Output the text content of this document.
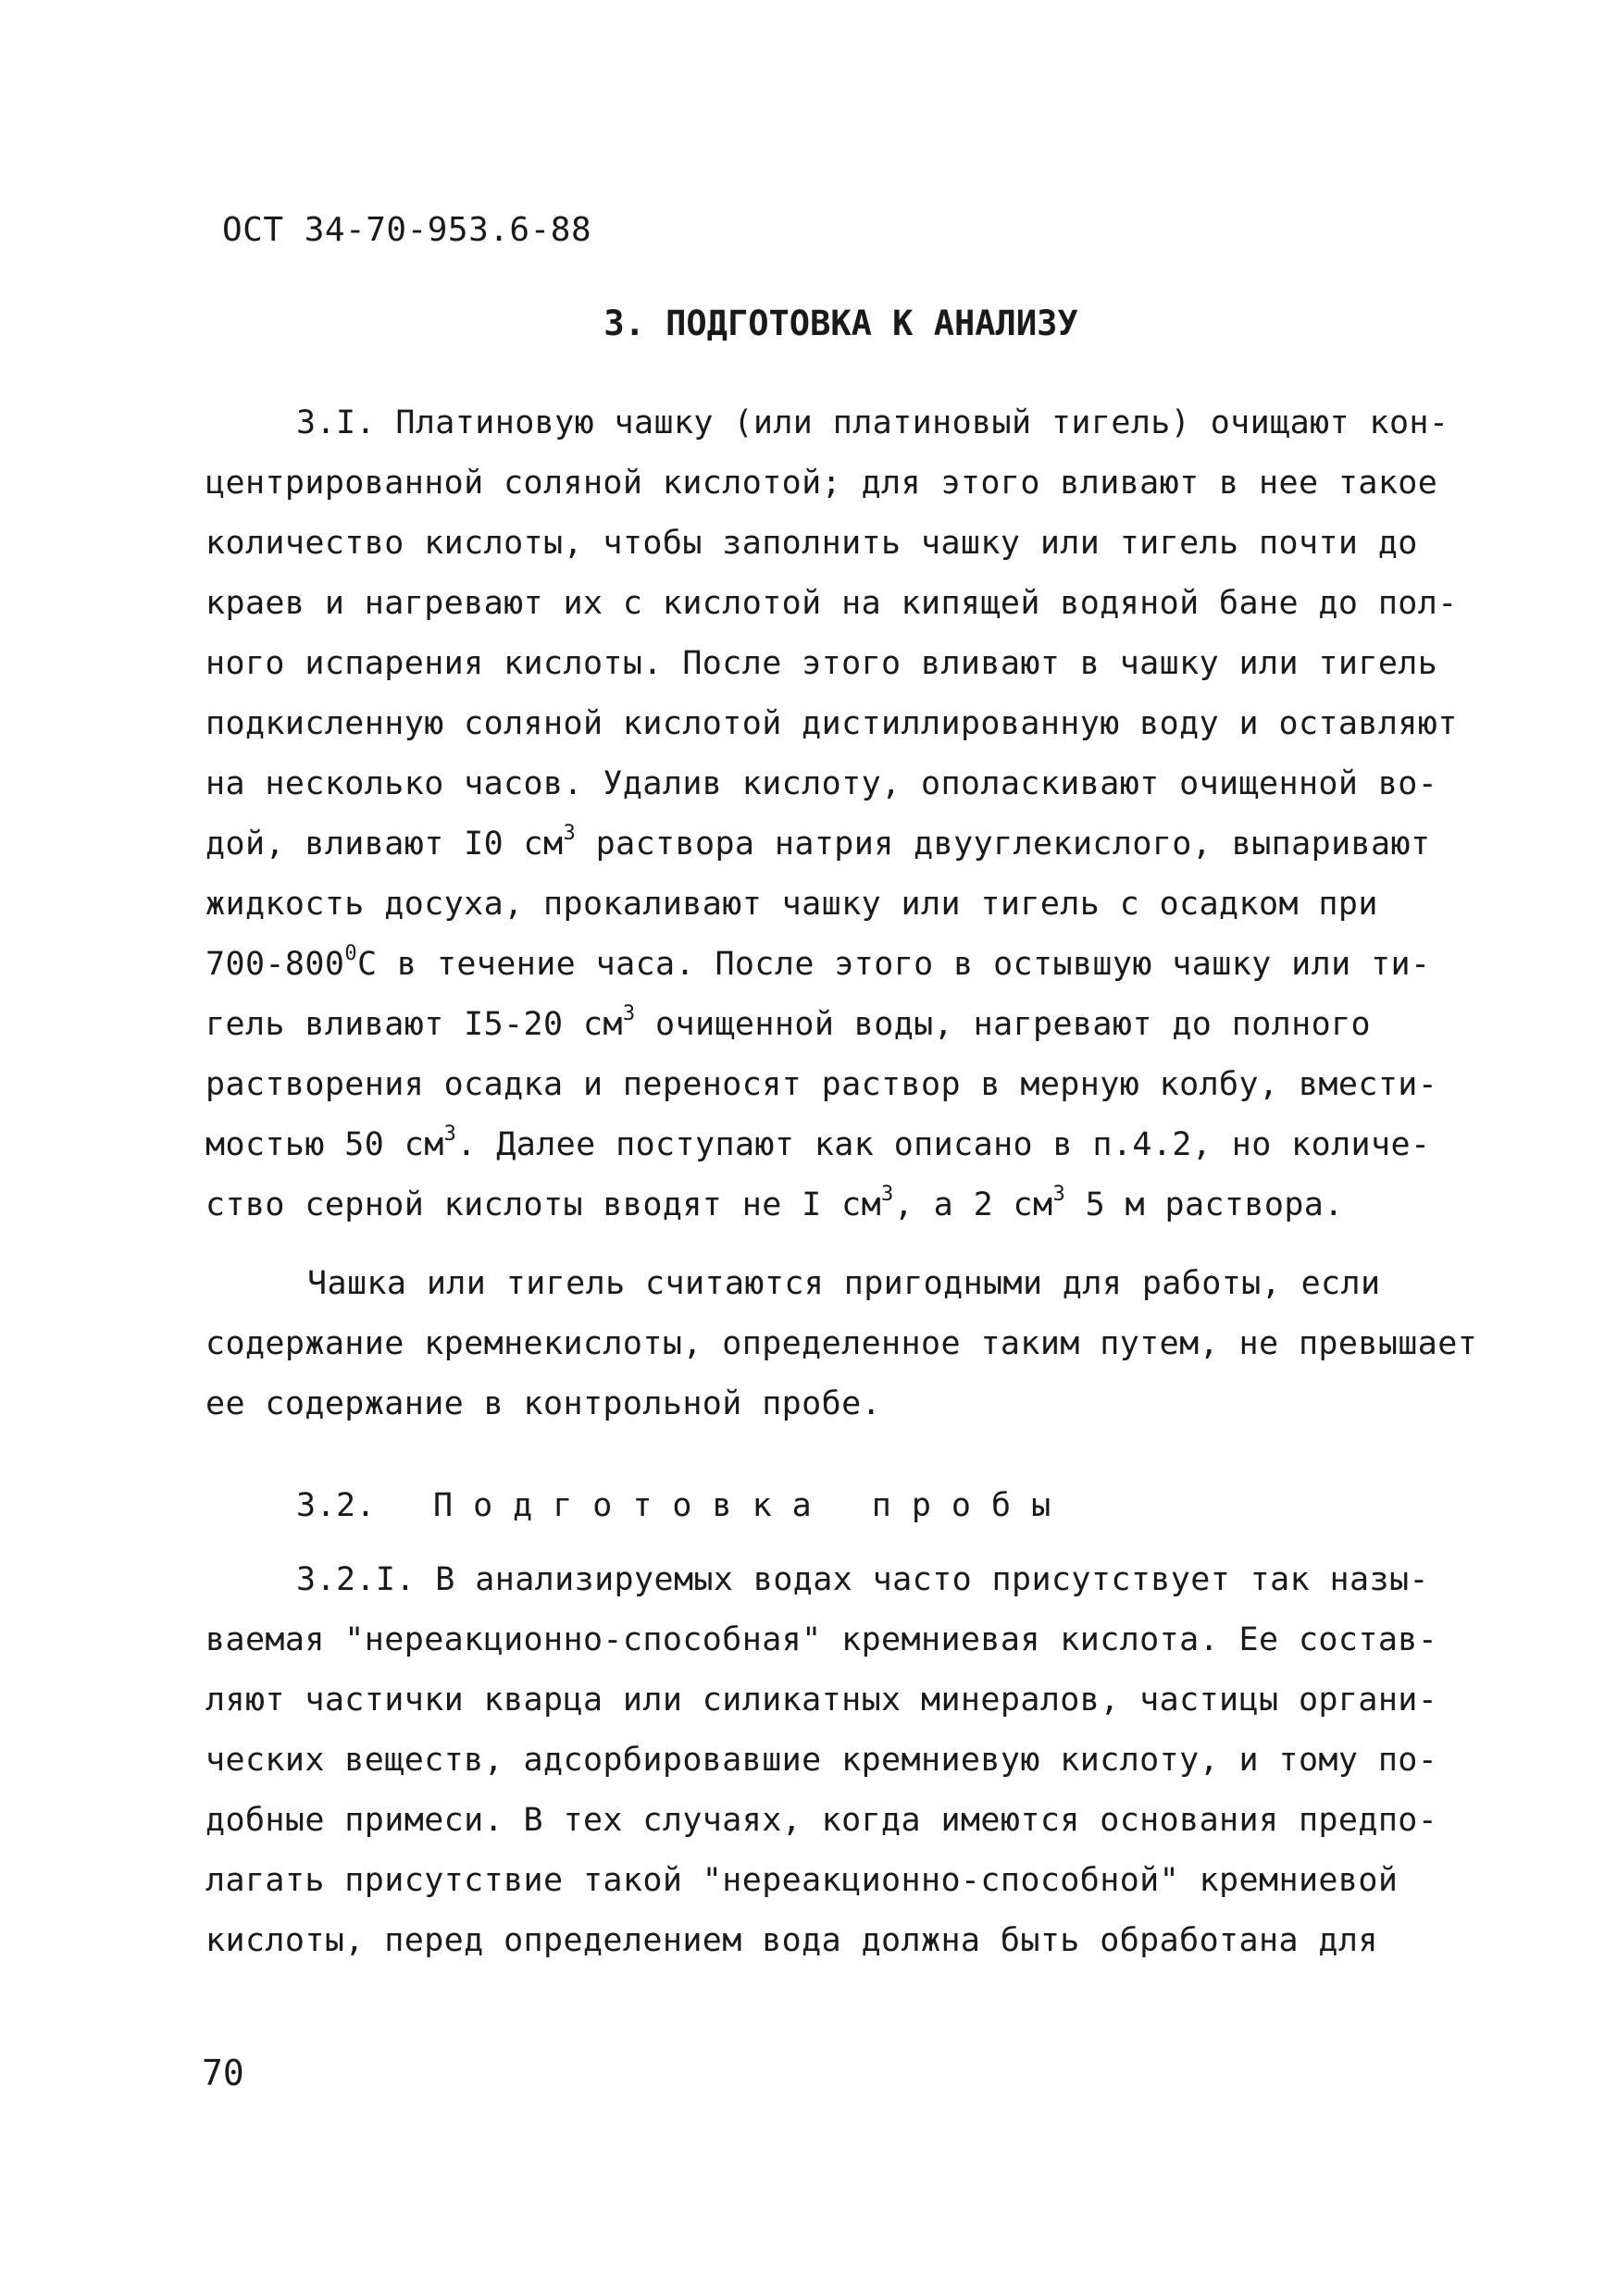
ОСТ 34-70-953.6-88
3. ПОДГОТОВКА К АНАЛИЗУ
3.I. Платиновую чашку (или платиновый тигель) очищают кон-
центрированной соляной кислотой; для этого вливают в нее такое
количество кислоты, чтобы заполнить чашку или тигель почти до
краев и нагревают их с кислотой на кипящей водяной бане до пол-
ного испарения кислоты. После этого вливают в чашку или тигель
подкисленную соляной кислотой дистиллированную воду и оставляют
на несколько часов. Удалив кислоту, ополаскивают очищенной во-
дой, вливают I0 $см^3$ раствора натрия двууглекислого, выпаривают
жидкость досуха, прокаливают чашку или тигель с осадком при
$700-800^0С$ в течение часа. После этого в остывшую чашку или ти-
гель вливают I5-20 $см^3$ очищенной воды, нагревают до полного
растворения осадка и переносят раствор в мерную колбу, вмести-
мостью 50 $см^3$. Далее поступают как описано в п.4.2, но количе-
ство серной кислоты вводят не I $см^3$, а 2 $см^3$ 5 м раствора.
Чашка или тигель считаются пригодными для работы, если
содержание кремнекислоты, определенное таким путем, не превышает
ее содержание в контрольной пробе.
3.2. Подготовка пробы
3.2.I. В анализируемых водах часто присутствует так назы-
ваемая "нереакционно-способная" кремниевая кислота. Ее состав-
ляют частички кварца или силикатных минералов, частицы органи-
ческих веществ, адсорбировавшие кремниевую кислоту, и тому по-
добные примеси. В тех случаях, когда имеются основания предпо-
лагать присутствие такой "нереакционно-способной" кремниевой
кислоты, перед определением вода должна быть обработана для
70
